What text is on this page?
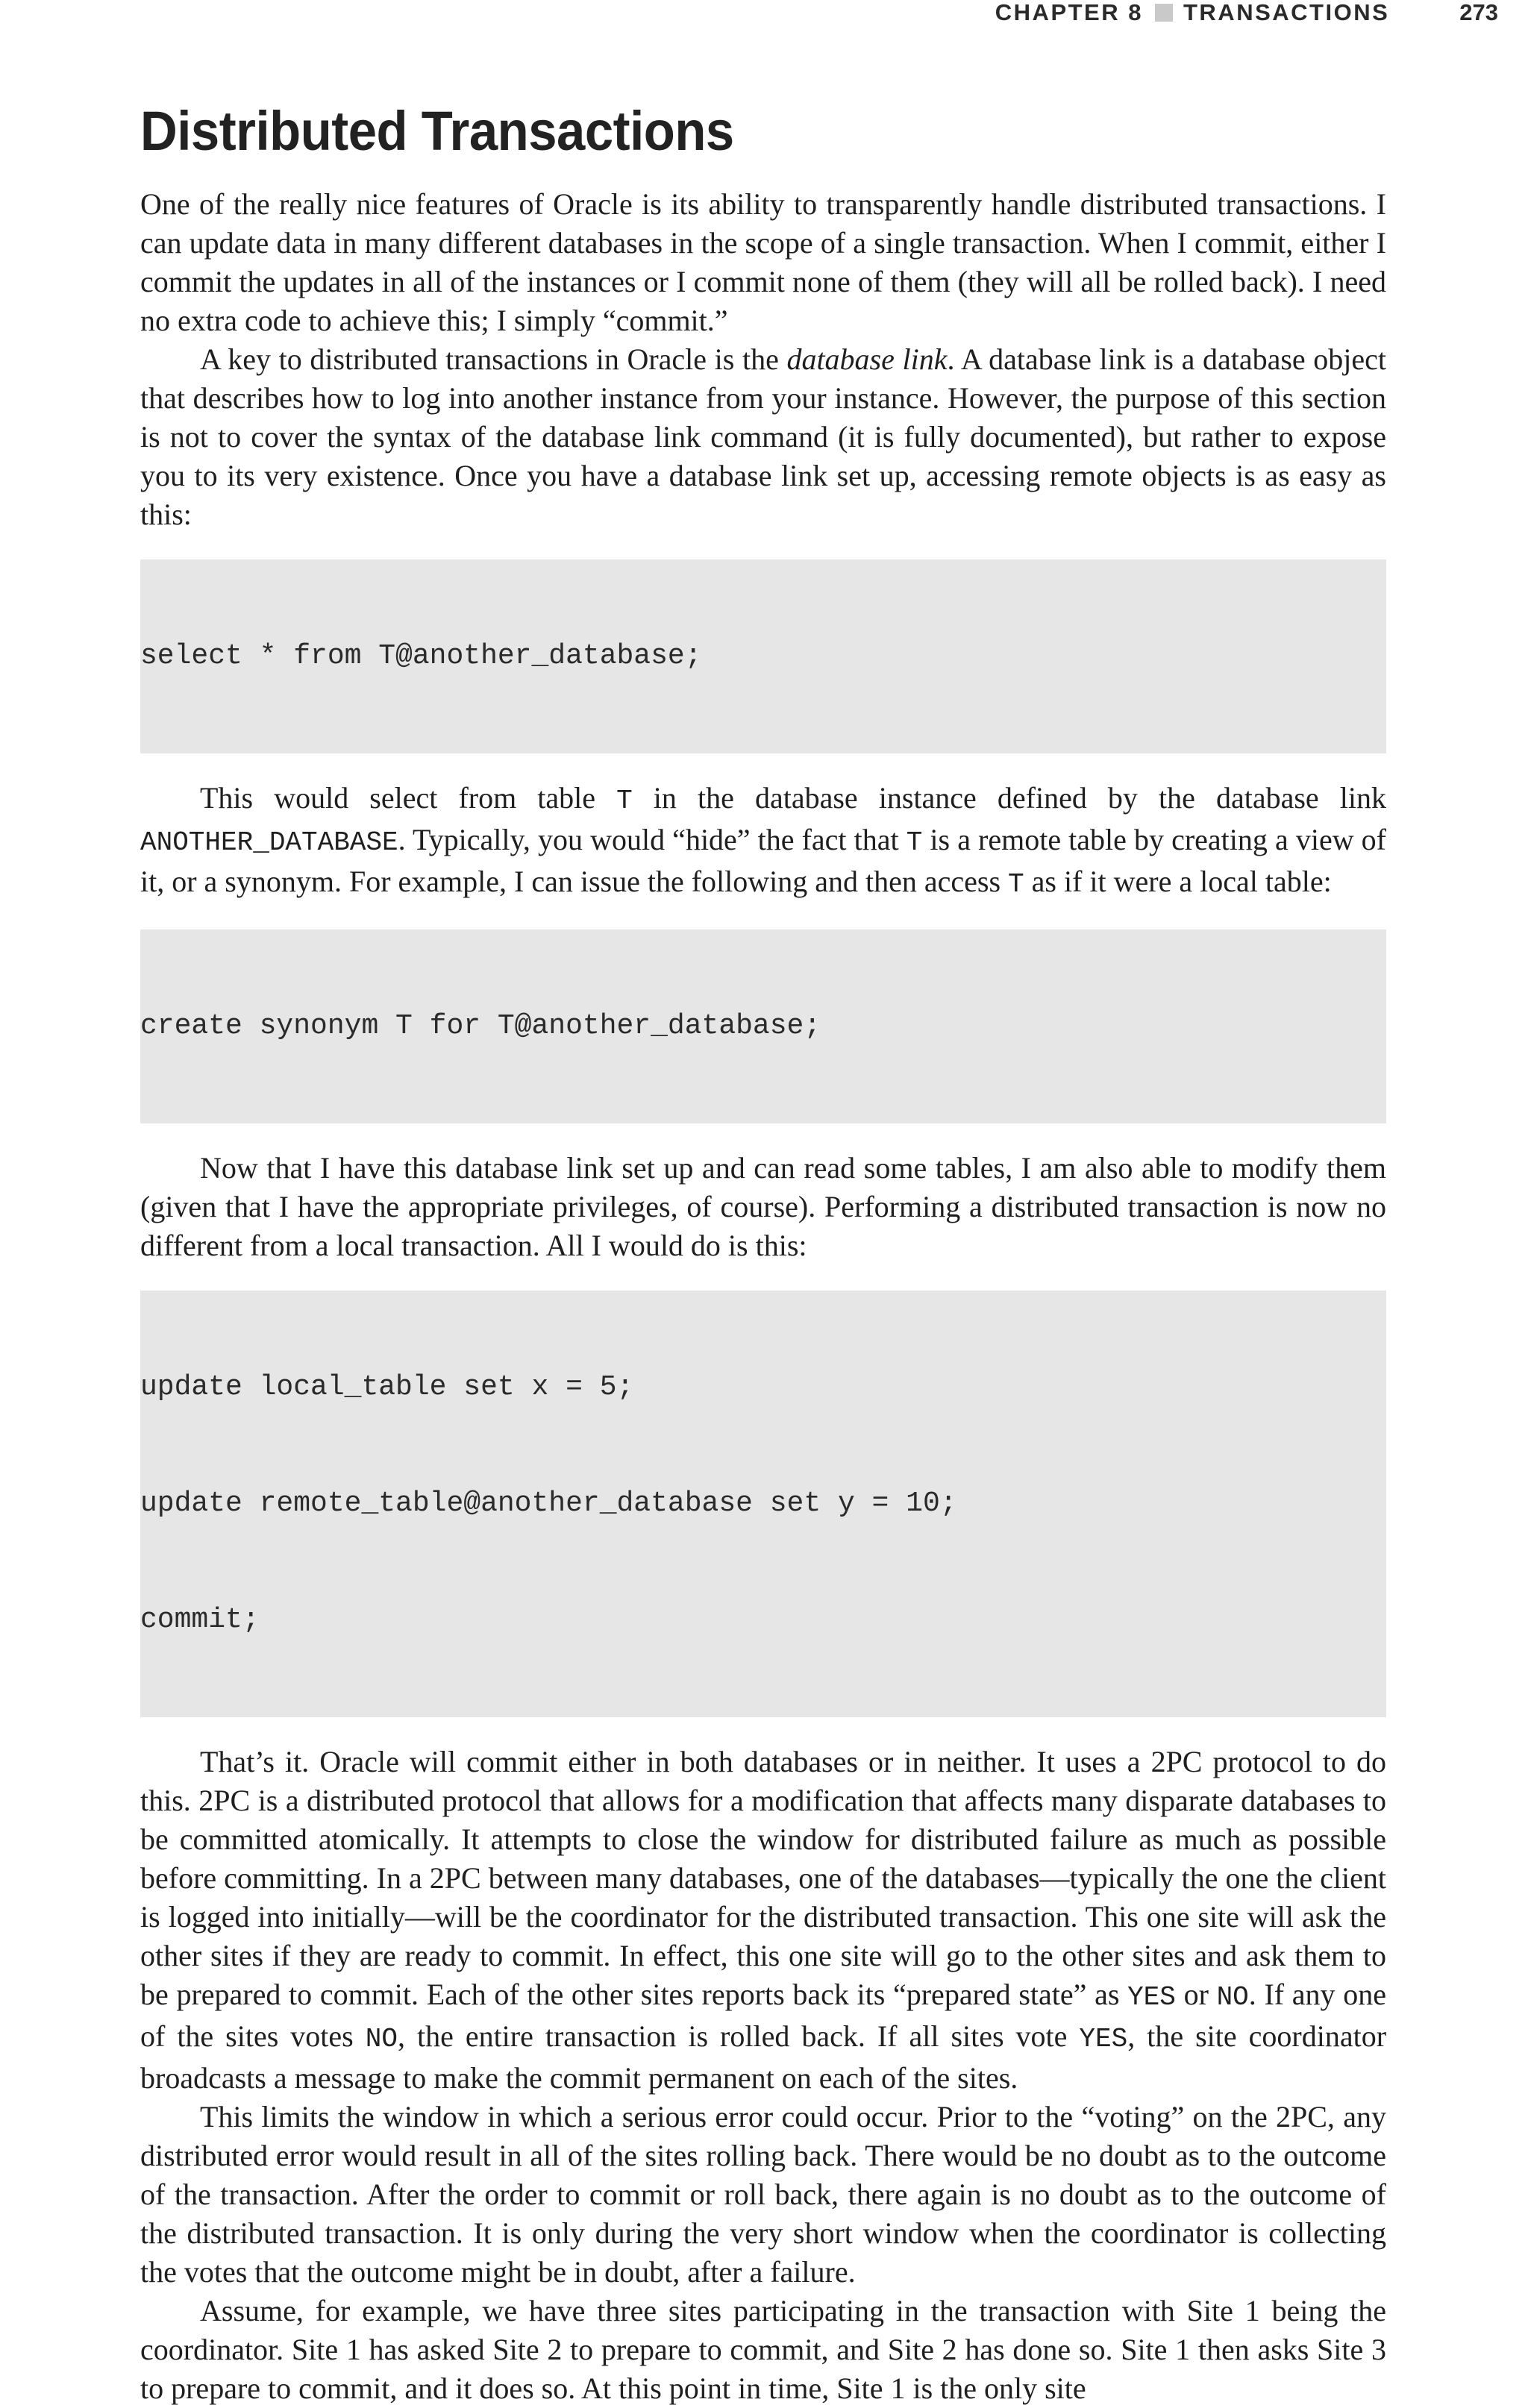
CHAPTER 8 TRANSACTIONS	273
Distributed Transactions

One of the really nice features of Oracle is its ability to transparently handle distributed transactions. I can update data in many different databases in the scope of a single transaction. When I commit, either I commit the updates in all of the instances or I commit none of them (they will all be rolled back). I need no extra code to achieve this; I simply “commit.”

A key to distributed transactions in Oracle is the database link. A database link is a database object that describes how to log into another instance from your instance. However, the purpose of this section is not to cover the syntax of the database link command (it is fully documented), but rather to expose you to its very existence. Once you have a database link set up, accessing remote objects is as easy as this:

select * from T@another_database;

This would select from table T in the database instance defined by the database link ANOTHER_DATABASE. Typically, you would “hide” the fact that T is a remote table by creating a view of it, or a synonym. For example, I can issue the following and then access T as if it were a local table:

create synonym T for T@another_database;

Now that I have this database link set up and can read some tables, I am also able to modify them (given that I have the appropriate privileges, of course). Performing a distributed transaction is now no different from a local transaction. All I would do is this:

update local_table set x = 5;

update remote_table@another_database set y = 10;

commit;

That’s it. Oracle will commit either in both databases or in neither. It uses a 2PC protocol to do this. 2PC is a distributed protocol that allows for a modification that affects many disparate databases to be committed atomically. It attempts to close the window for distributed failure as much as possible before committing. In a 2PC between many databases, one of the databases—typically the one the client is logged into initially—will be the coordinator for the distributed transaction. This one site will ask the other sites if they are ready to commit. In effect, this one site will go to the other sites and ask them to be prepared to commit. Each of the other sites reports back its “prepared state” as YES or NO. If any one of the sites votes NO, the entire transaction is rolled back. If all sites vote YES, the site coordinator broadcasts a message to make the commit permanent on each of the sites.

This limits the window in which a serious error could occur. Prior to the “voting” on the 2PC, any distributed error would result in all of the sites rolling back. There would be no doubt as to the outcome of the transaction. After the order to commit or roll back, there again is no doubt as to the outcome of the distributed transaction. It is only during the very short window when the coordinator is collecting the votes that the outcome might be in doubt, after a failure.

Assume, for example, we have three sites participating in the transaction with Site 1 being the coordinator. Site 1 has asked Site 2 to prepare to commit, and Site 2 has done so. Site 1 then asks Site 3 to prepare to commit, and it does so. At this point in time, Site 1 is the only site
